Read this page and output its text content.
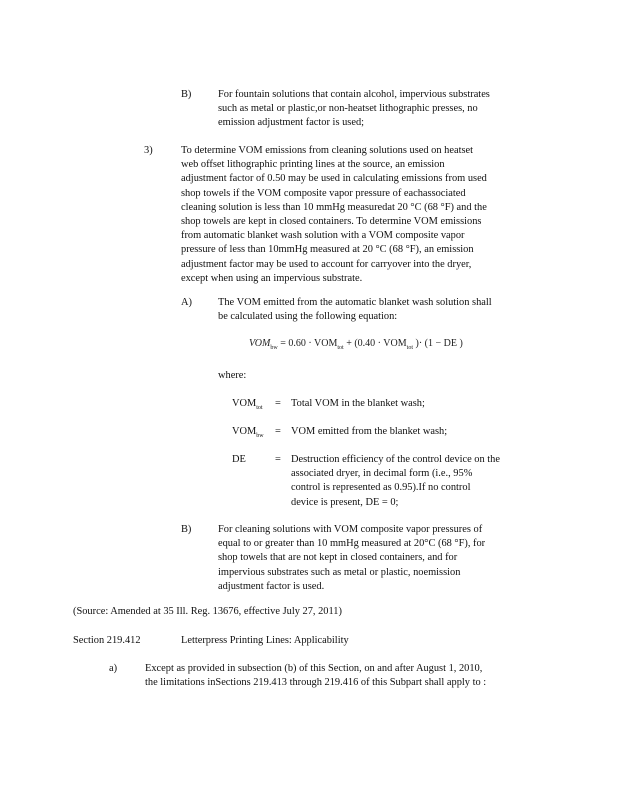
B)	For fountain solutions that contain alcohol, impervious substrates
such as metal or plastic,or non-heatset lithographic presses, no
emission adjustment factor is used;
3)	To determine VOM emissions from cleaning solutions used on heatset
web offset lithographic printing lines at the source, an emission
adjustment factor of 0.50 may be used in calculating emissions from used
shop towels if the VOM composite vapor pressure of eachassociated
cleaning solution is less than 10 mmHg measuredat 20 °C (68 °F) and the
shop towels are kept in closed containers. To determine VOM emissions
from automatic blanket wash solution with a VOM composite vapor
pressure of less than 10mmHg measured at 20 °C (68 °F), an emission
adjustment factor may be used to account for carryover into the dryer,
except when using an impervious substrate.
A)	The VOM emitted from the automatic blanket wash solution shall
be calculated using the following equation:
$VOM_{bw} = 0.60 \cdot VOM_{tot} + (0.40 \cdot VOM_{tot}$ )· (1 − DE )
where:
$VOM_{tot}$ = Total VOM in the blanket wash;
$VOM_{bw}$ = VOM emitted from the blanket wash;
DE	= Destruction efficiency of the control device on the
associated dryer, in decimal form (i.e., 95%
control is represented as 0.95).If no control
device is present, DE = 0;
B)	For cleaning solutions with VOM composite vapor pressures of
equal to or greater than 10 mmHg measured at 20°C (68 °F), for
shop towels that are not kept in closed containers, and for
impervious substrates such as metal or plastic, noemission
adjustment factor is used.
(Source: Amended at 35 Ill. Reg. 13676, effective July 27, 2011)
Section 219.412	Letterpress Printing Lines: Applicability
a)	Except as provided in subsection (b) of this Section, on and after August 1, 2010,
the limitations inSections 219.413 through 219.416 of this Subpart shall apply to :
